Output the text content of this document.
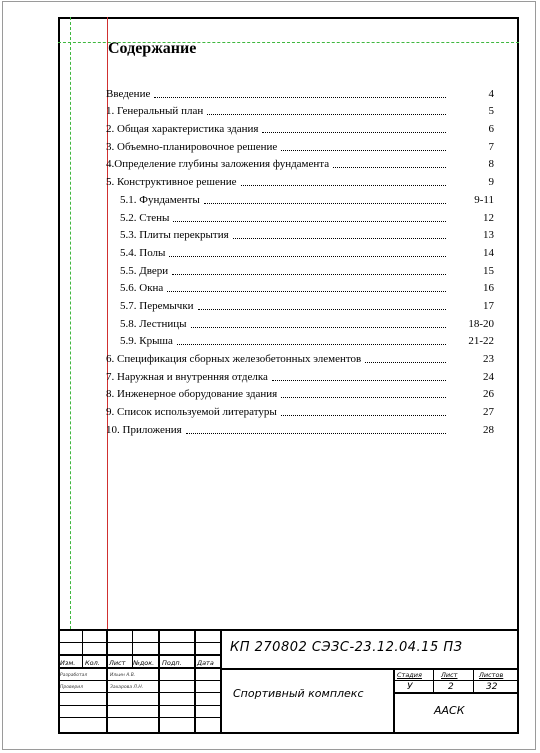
Содержание
Введение	4
1. Генеральный план	5
2. Общая характеристика здания	6
3. Объемно-планировочное решение	7
4.Определение глубины заложения фундамента	8
5. Конструктивное решение	9
5.1. Фундаменты	9-11
5.2. Стены	12
5.3. Плиты перекрытия	13
5.4. Полы	14
5.5. Двери	15
5.6. Окна	16
5.7. Перемычки	17
5.8. Лестницы	18-20
5.9. Крыша	21-22
6. Спецификация сборных железобетонных элементов	23
7. Наружная и внутренняя отделка	24
8. Инженерное оборудование здания	26
9. Список используемой литературы	27
10. Приложения	28
Изм. Кол. Лист №док. Подп. Дата
Разработал	Ильин А.В.
Проверил	Захарова Л.Н.
КП 270802 СЭЗС-23.12.04.15 ПЗ
Спортивный комплекс
Стадия	Лист	Листов
У	2	32
ААСК
